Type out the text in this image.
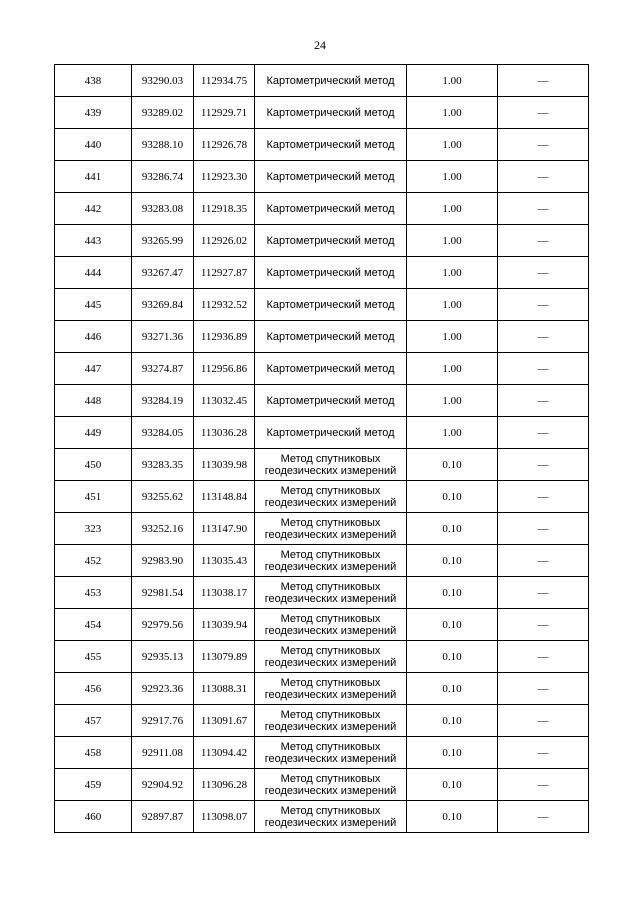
24
438	93290.03	112934.75	Картометрический метод	1.00	—
439	93289.02	112929.71	Картометрический метод	1.00	—
440	93288.10	112926.78	Картометрический метод	1.00	—
441	93286.74	112923.30	Картометрический метод	1.00	—
442	93283.08	112918.35	Картометрический метод	1.00	—
443	93265.99	112926.02	Картометрический метод	1.00	—
444	93267.47	112927.87	Картометрический метод	1.00	—
445	93269.84	112932.52	Картометрический метод	1.00	—
446	93271.36	112936.89	Картометрический метод	1.00	—
447	93274.87	112956.86	Картометрический метод	1.00	—
448	93284.19	113032.45	Картометрический метод	1.00	—
449	93284.05	113036.28	Картометрический метод	1.00	—
450	93283.35	113039.98	Метод спутниковых геодезических измерений	0.10	—
451	93255.62	113148.84	Метод спутниковых геодезических измерений	0.10	—
323	93252.16	113147.90	Метод спутниковых геодезических измерений	0.10	—
452	92983.90	113035.43	Метод спутниковых геодезических измерений	0.10	—
453	92981.54	113038.17	Метод спутниковых геодезических измерений	0.10	—
454	92979.56	113039.94	Метод спутниковых геодезических измерений	0.10	—
455	92935.13	113079.89	Метод спутниковых геодезических измерений	0.10	—
456	92923.36	113088.31	Метод спутниковых геодезических измерений	0.10	—
457	92917.76	113091.67	Метод спутниковых геодезических измерений	0.10	—
458	92911.08	113094.42	Метод спутниковых геодезических измерений	0.10	—
459	92904.92	113096.28	Метод спутниковых геодезических измерений	0.10	—
460	92897.87	113098.07	Метод спутниковых геодезических измерений	0.10	—
